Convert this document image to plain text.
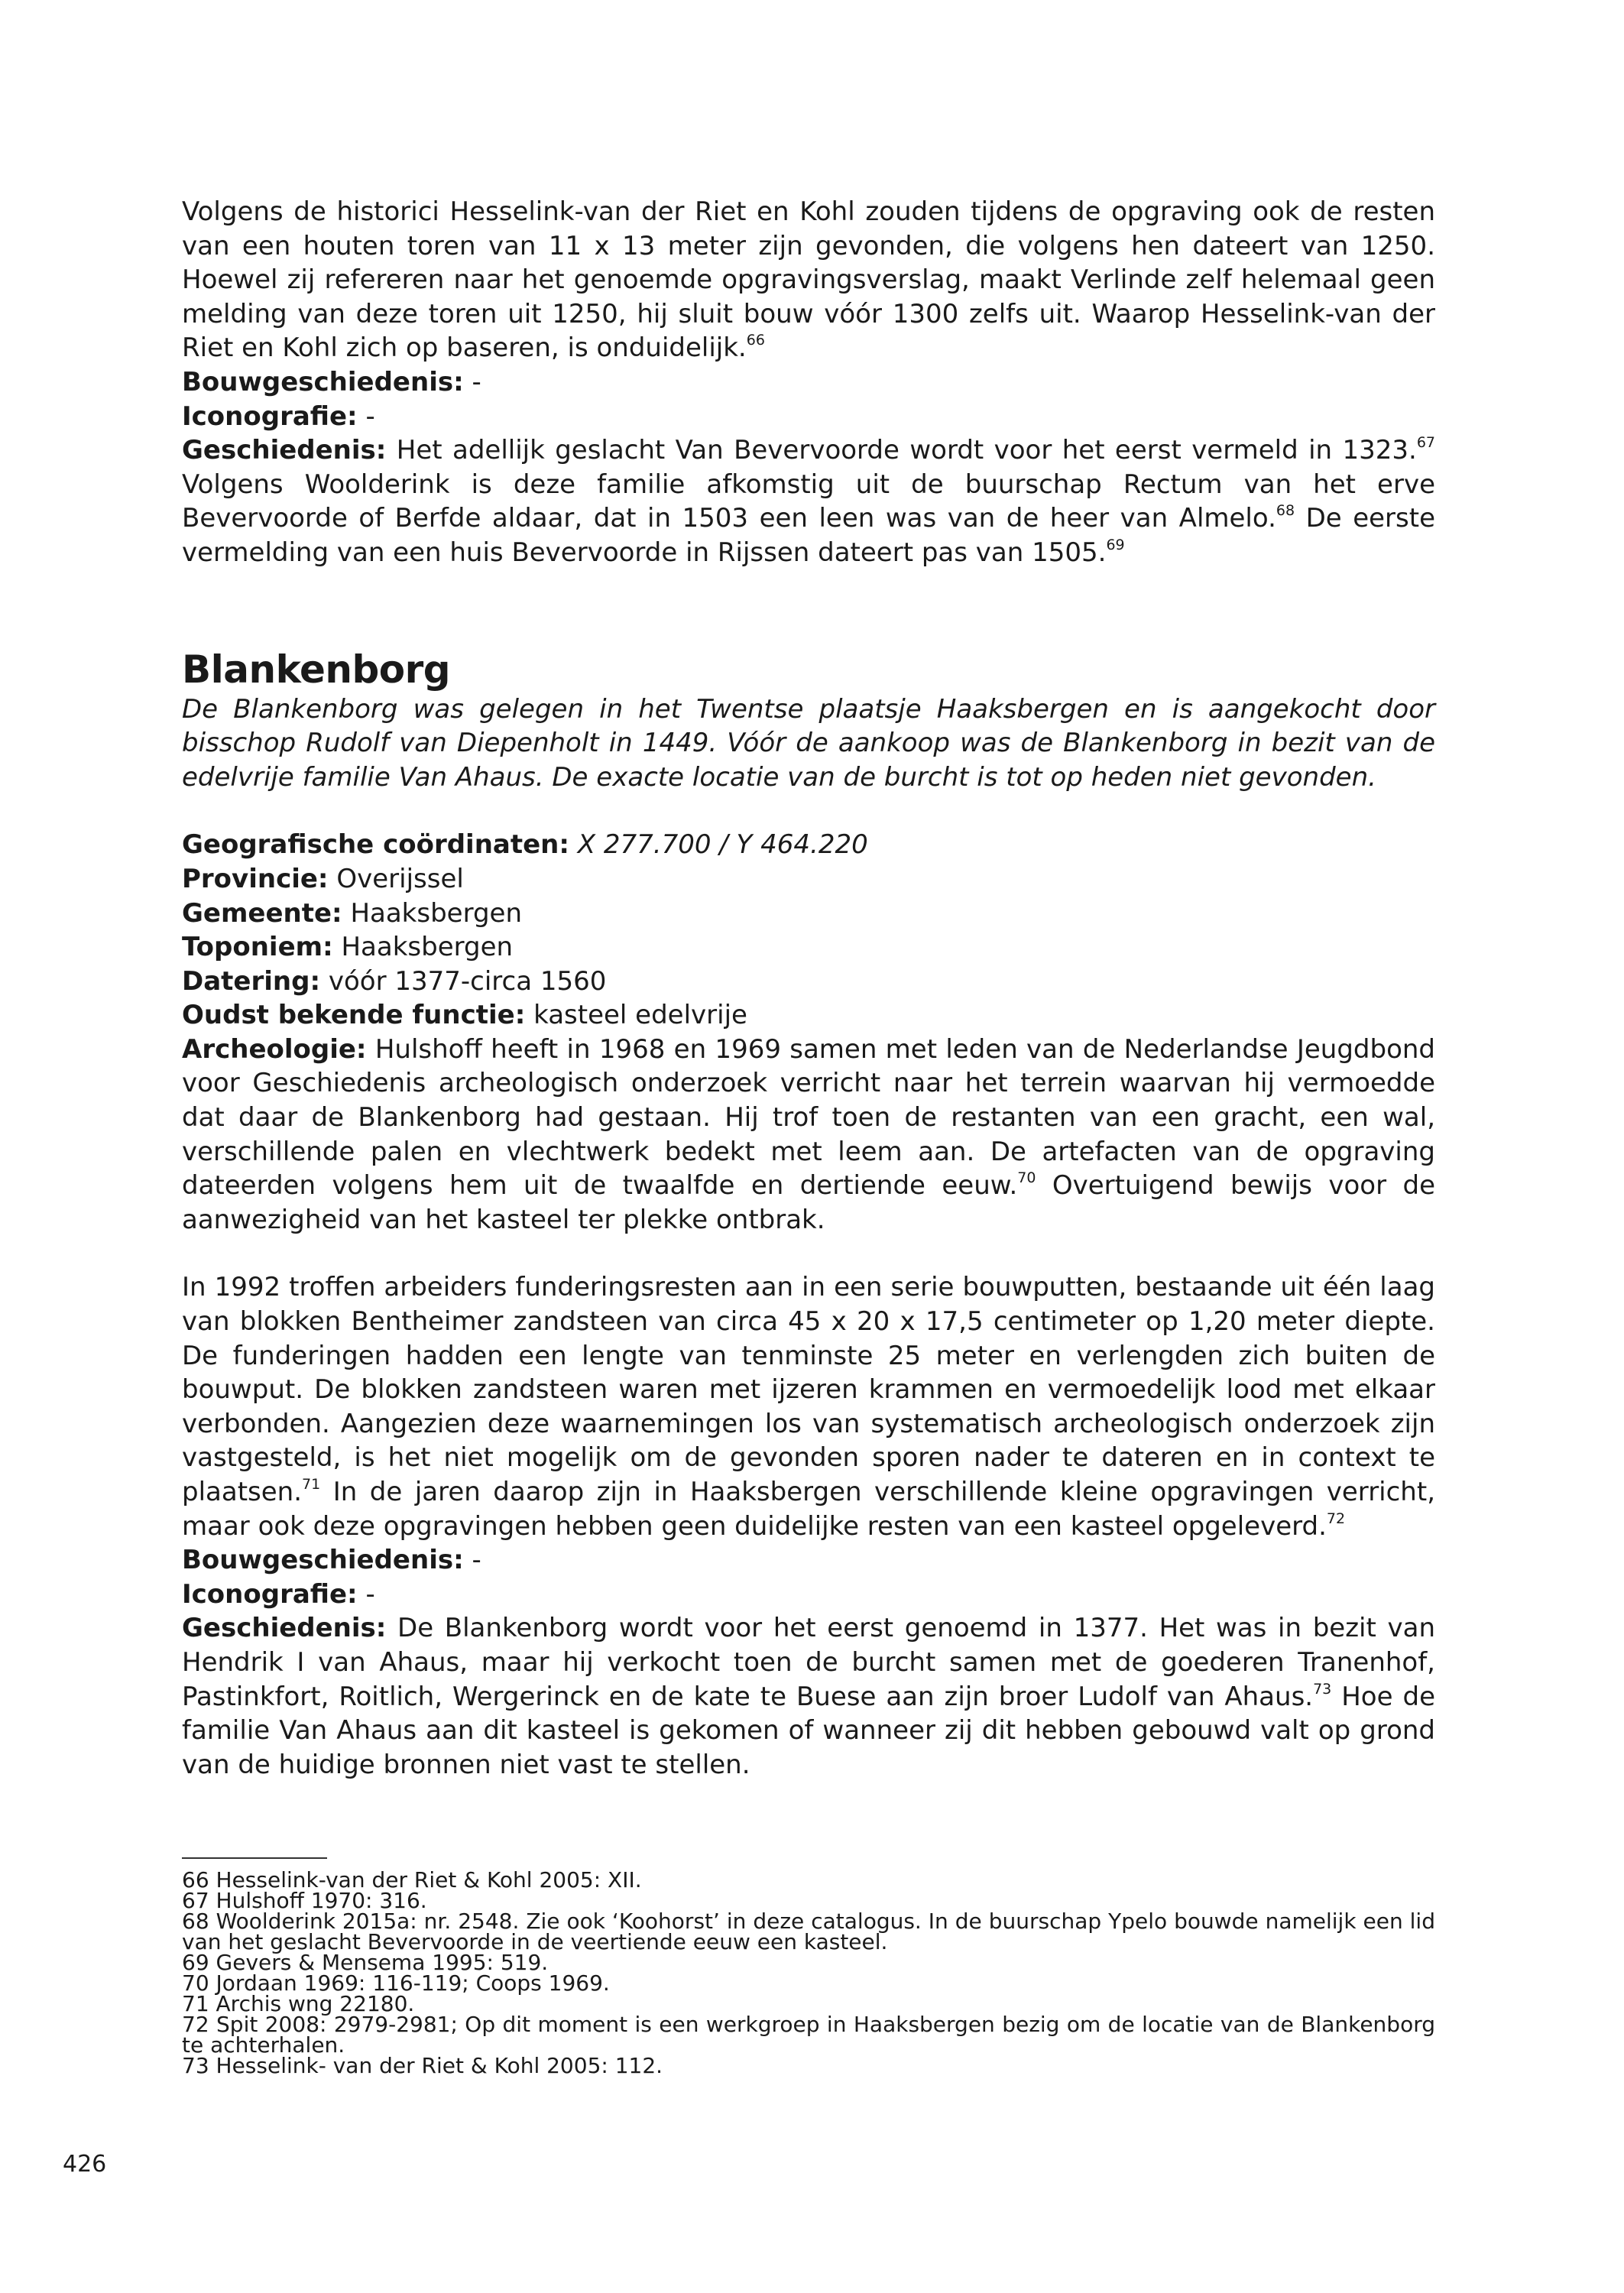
Volgens de historici Hesselink-van der Riet en Kohl zouden tijdens de opgraving ook de resten van een houten toren van 11 x 13 meter zijn gevonden, die volgens hen dateert van 1250. Hoewel zij refereren naar het genoemde opgravingsverslag, maakt Verlinde zelf helemaal geen melding van deze toren uit 1250, hij sluit bouw vóór 1300 zelfs uit. Waarop Hesselink-van der Riet en Kohl zich op baseren, is onduidelijk.$^{66}$

Bouwgeschiedenis: -

Iconografie: -

Geschiedenis: Het adellijk geslacht Van Bevervoorde wordt voor het eerst vermeld in 1323.67 Volgens Woolderink is deze familie afkomstig uit de buurschap Rectum van het erve Bevervoorde of Berfde aldaar, dat in 1503 een leen was van de heer van Almelo.$^{68}$ De eerste vermelding van een huis Bevervoorde in Rijssen dateert pas van 1505.69

Blankenborg

De Blankenborg was gelegen in het Twentse plaatsje Haaksbergen en is aangekocht door bisschop Rudolf van Diepenholt in 1449. Vóór de aankoop was de Blankenborg in bezit van de edelvrije familie Van Ahaus. De exacte locatie van de burcht is tot op heden niet gevonden.

Geografische coördinaten: X 277.700 / Y 464.220

Provincie: Overijssel

Gemeente: Haaksbergen

Toponiem: Haaksbergen

Datering: vóór 1377-circa 1560

Oudst bekende functie: kasteel edelvrije

Archeologie: Hulshoff heeft in 1968 en 1969 samen met leden van de Nederlandse Jeugdbond voor Geschiedenis archeologisch onderzoek verricht naar het terrein waarvan hij vermoedde dat daar de Blankenborg had gestaan. Hij trof toen de restanten van een gracht, een wal, verschillende palen en vlechtwerk bedekt met leem aan. De artefacten van de opgraving dateerden volgens hem uit de twaalfde en dertiende eeuw.$^{70}$ Overtuigend bewijs voor de aanwezigheid van het kasteel ter plekke ontbrak.

In 1992 troffen arbeiders funderingsresten aan in een serie bouwputten, bestaande uit één laag van blokken Bentheimer zandsteen van circa 45 x 20 x 17,5 centimeter op 1,20 meter diepte. De funderingen hadden een lengte van tenminste 25 meter en verlengden zich buiten de bouwput. De blokken zandsteen waren met ijzeren krammen en vermoedelijk lood met elkaar verbonden. Aangezien deze waarnemingen los van systematisch archeologisch onderzoek zijn vastgesteld, is het niet mogelijk om de gevonden sporen nader te dateren en in context te plaatsen.$^{71}$ In de jaren daarop zijn in Haaksbergen verschillende kleine opgravingen verricht, maar ook deze opgravingen hebben geen duidelijke resten van een kasteel opgeleverd.$^{72}$

Bouwgeschiedenis: -

Iconografie: -

Geschiedenis: De Blankenborg wordt voor het eerst genoemd in 1377. Het was in bezit van Hendrik I van Ahaus, maar hij verkocht toen de burcht samen met de goederen Tranenhof, Pastinkfort, Roitlich, Wergerinck en de kate te Buese aan zijn broer Ludolf van Ahaus.$^{73}$ Hoe de familie Van Ahaus aan dit kasteel is gekomen of wanneer zij dit hebben gebouwd valt op grond van de huidige bronnen niet vast te stellen.

66 Hesselink-van der Riet & Kohl 2005: XII.

67 Hulshoff 1970: 316.

68 Woolderink 2015a: nr. 2548. Zie ook ‘Koohorst’ in deze catalogus. In de buurschap Ypelo bouwde namelijk een lid van het geslacht Bevervoorde in de veertiende eeuw een kasteel.

69 Gevers & Mensema 1995: 519.

70 Jordaan 1969: 116-119; Coops 1969.

71 Archis wng 22180.

72 Spit 2008: 2979-2981; Op dit moment is een werkgroep in Haaksbergen bezig om de locatie van de Blankenborg te achterhalen.

73 Hesselink- van der Riet & Kohl 2005: 112.

426
